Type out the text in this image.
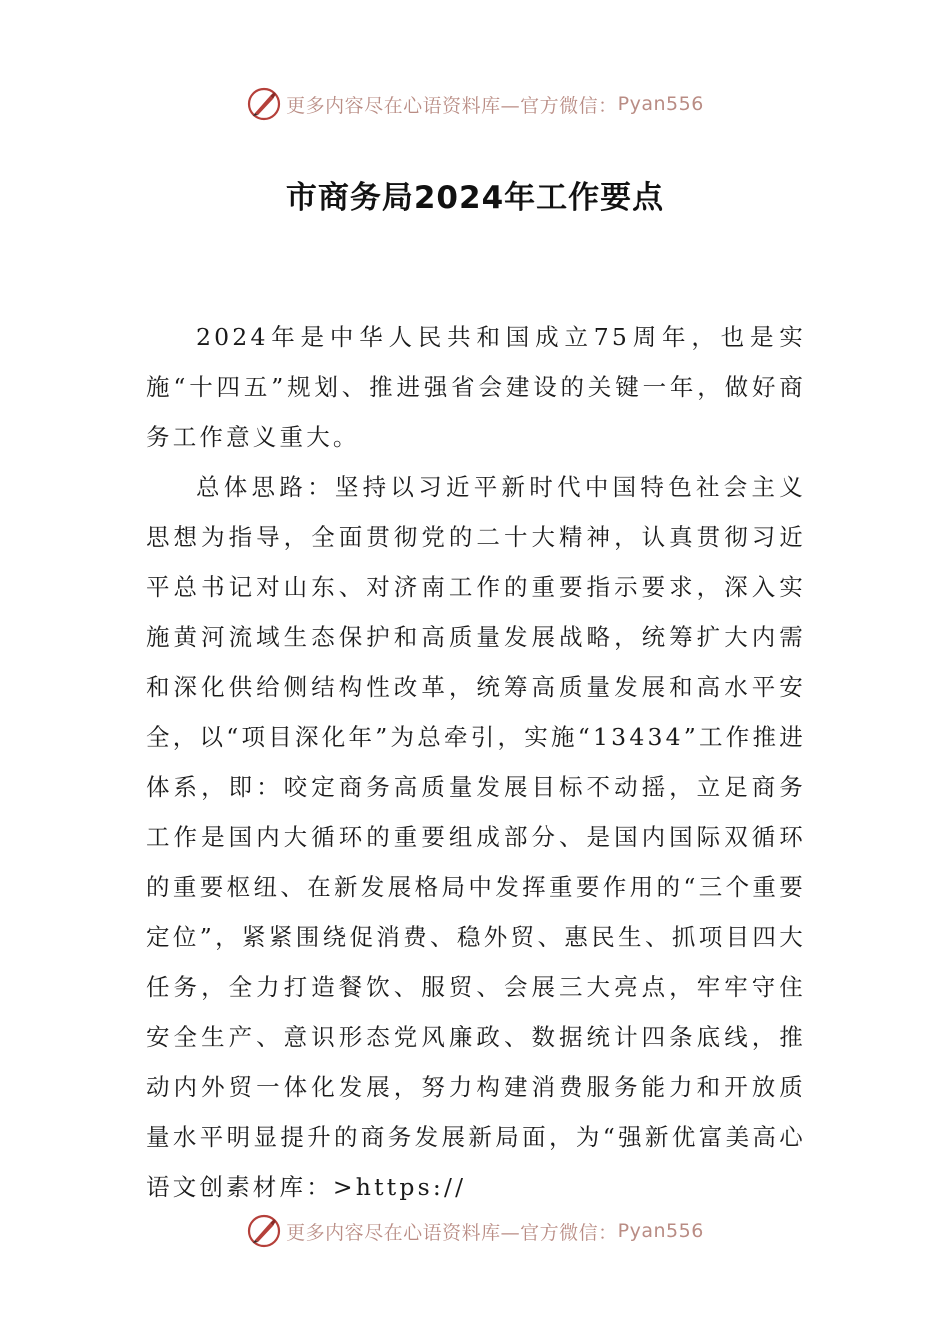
更多内容尽在心语资料库—官方微信： Pyan556
市商务局2024年工作要点

2024年是中华人民共和国成立75周年，也是实施“十四五”规划、推进强省会建设的关键一年，做好商务工作意义重大。

总体思路：坚持以习近平新时代中国特色社会主义思想为指导，全面贯彻党的二十大精神，认真贯彻习近平总书记对山东、对济南工作的重要指示要求，深入实施黄河流域生态保护和高质量发展战略，统筹扩大内需和深化供给侧结构性改革，统筹高质量发展和高水平安全，以“项目深化年”为总牵引，实施“13434”工作推进体系，即：咬定商务高质量发展目标不动摇，立足商务工作是国内大循环的重要组成部分、是国内国际双循环的重要枢纽、在新发展格局中发挥重要作用的“三个重要定位”，紧紧围绕促消费、稳外贸、惠民生、抓项目四大任务，全力打造餐饮、服贸、会展三大亮点，牢牢守住安全生产、意识形态党风廉政、数据统计四条底线，推动内外贸一体化发展，努力构建消费服务能力和开放质量水平明显提升的商务发展新局面，为“强新优富美高心语文创素材库：>https://

更多内容尽在心语资料库—官方微信： Pyan556
